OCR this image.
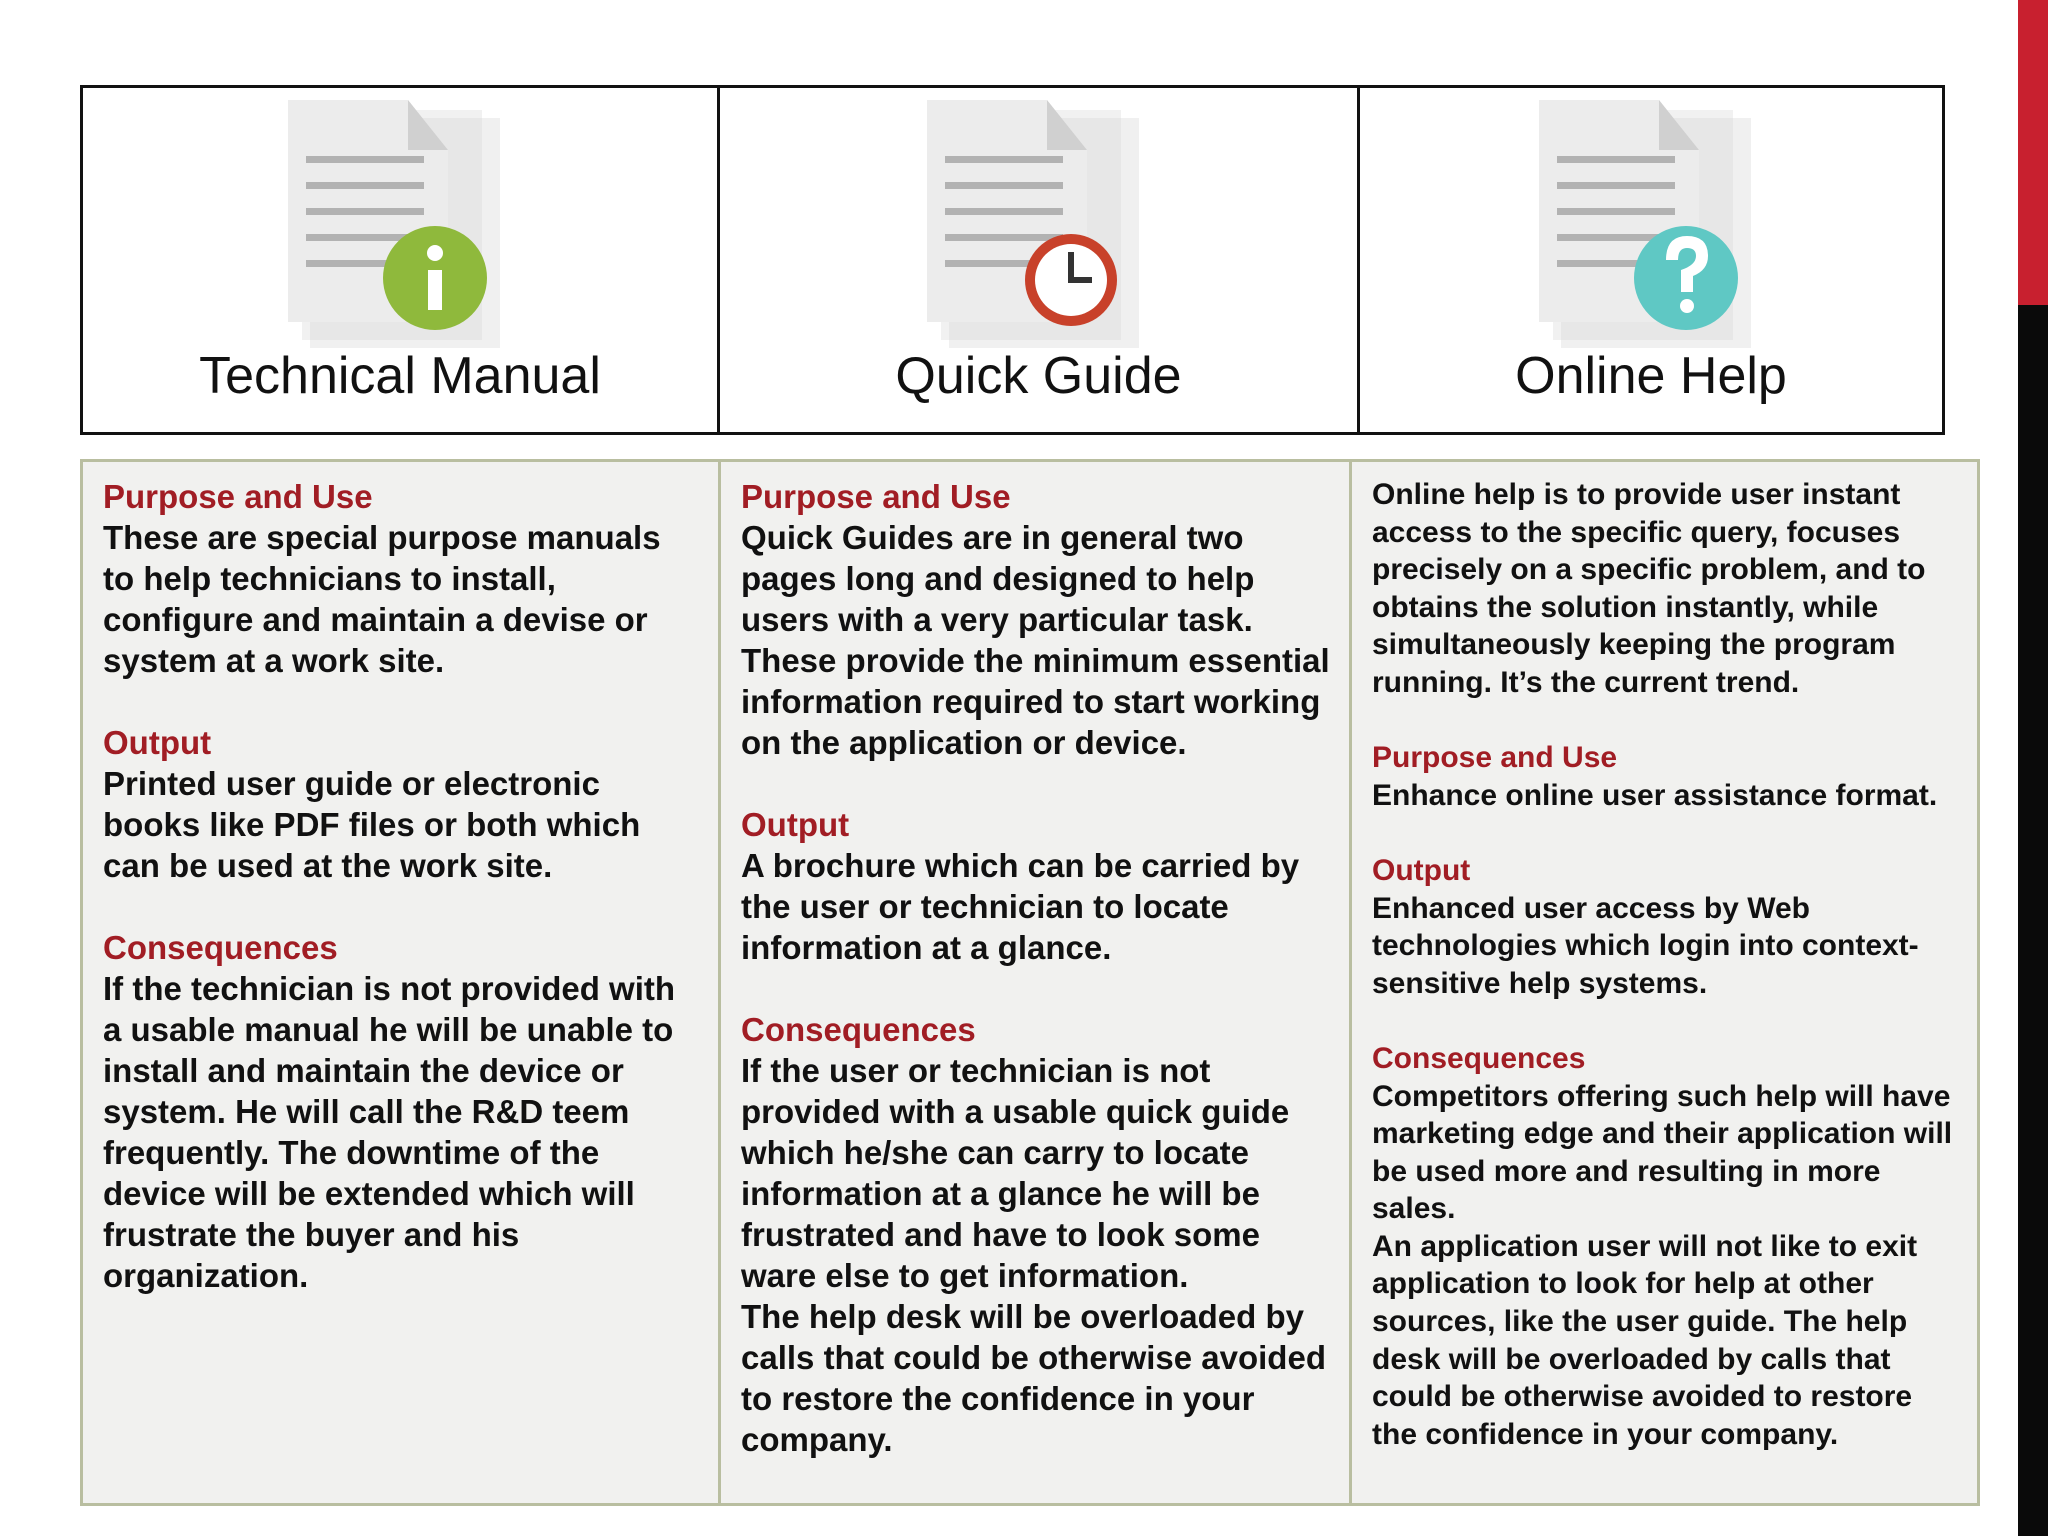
Technical Manual	Quick Guide	Online Help
Purpose and Use

These are special purpose manuals to help technicians to install, configure and maintain a devise or system at a work site.

Output

Printed user guide or electronic books like PDF files or both which can be used at the work site.

Consequences

If the technician is not provided with a usable manual he will be unable to install and maintain the device or system. He will call the R&D teem frequently. The downtime of the device will be extended which will frustrate the buyer and his organization.

Purpose and Use

Quick Guides are in general two pages long and designed to help users with a very particular task. These provide the minimum essential information required to start working on the application or device.

Output

A brochure which can be carried by the user or technician to locate information at a glance.

Consequences

If the user or technician is not provided with a usable quick guide which he/she can carry to locate information at a glance he will be frustrated and have to look some ware else to get information.

The help desk will be overloaded by calls that could be otherwise avoided to restore the confidence in your company.

Online help is to provide user instant access to the specific query, focuses precisely on a specific problem, and to obtains the solution instantly, while simultaneously keeping the program running. It’s the current trend.

Purpose and Use

Enhance online user assistance format.

Output

Enhanced user access by Web technologies which login into context-sensitive help systems.

Consequences

Competitors offering such help will have marketing edge and their application will be used more and resulting in more sales.

An application user will not like to exit application to look for help at other sources, like the user guide. The help desk will be overloaded by calls that could be otherwise avoided to restore the confidence in your company.
